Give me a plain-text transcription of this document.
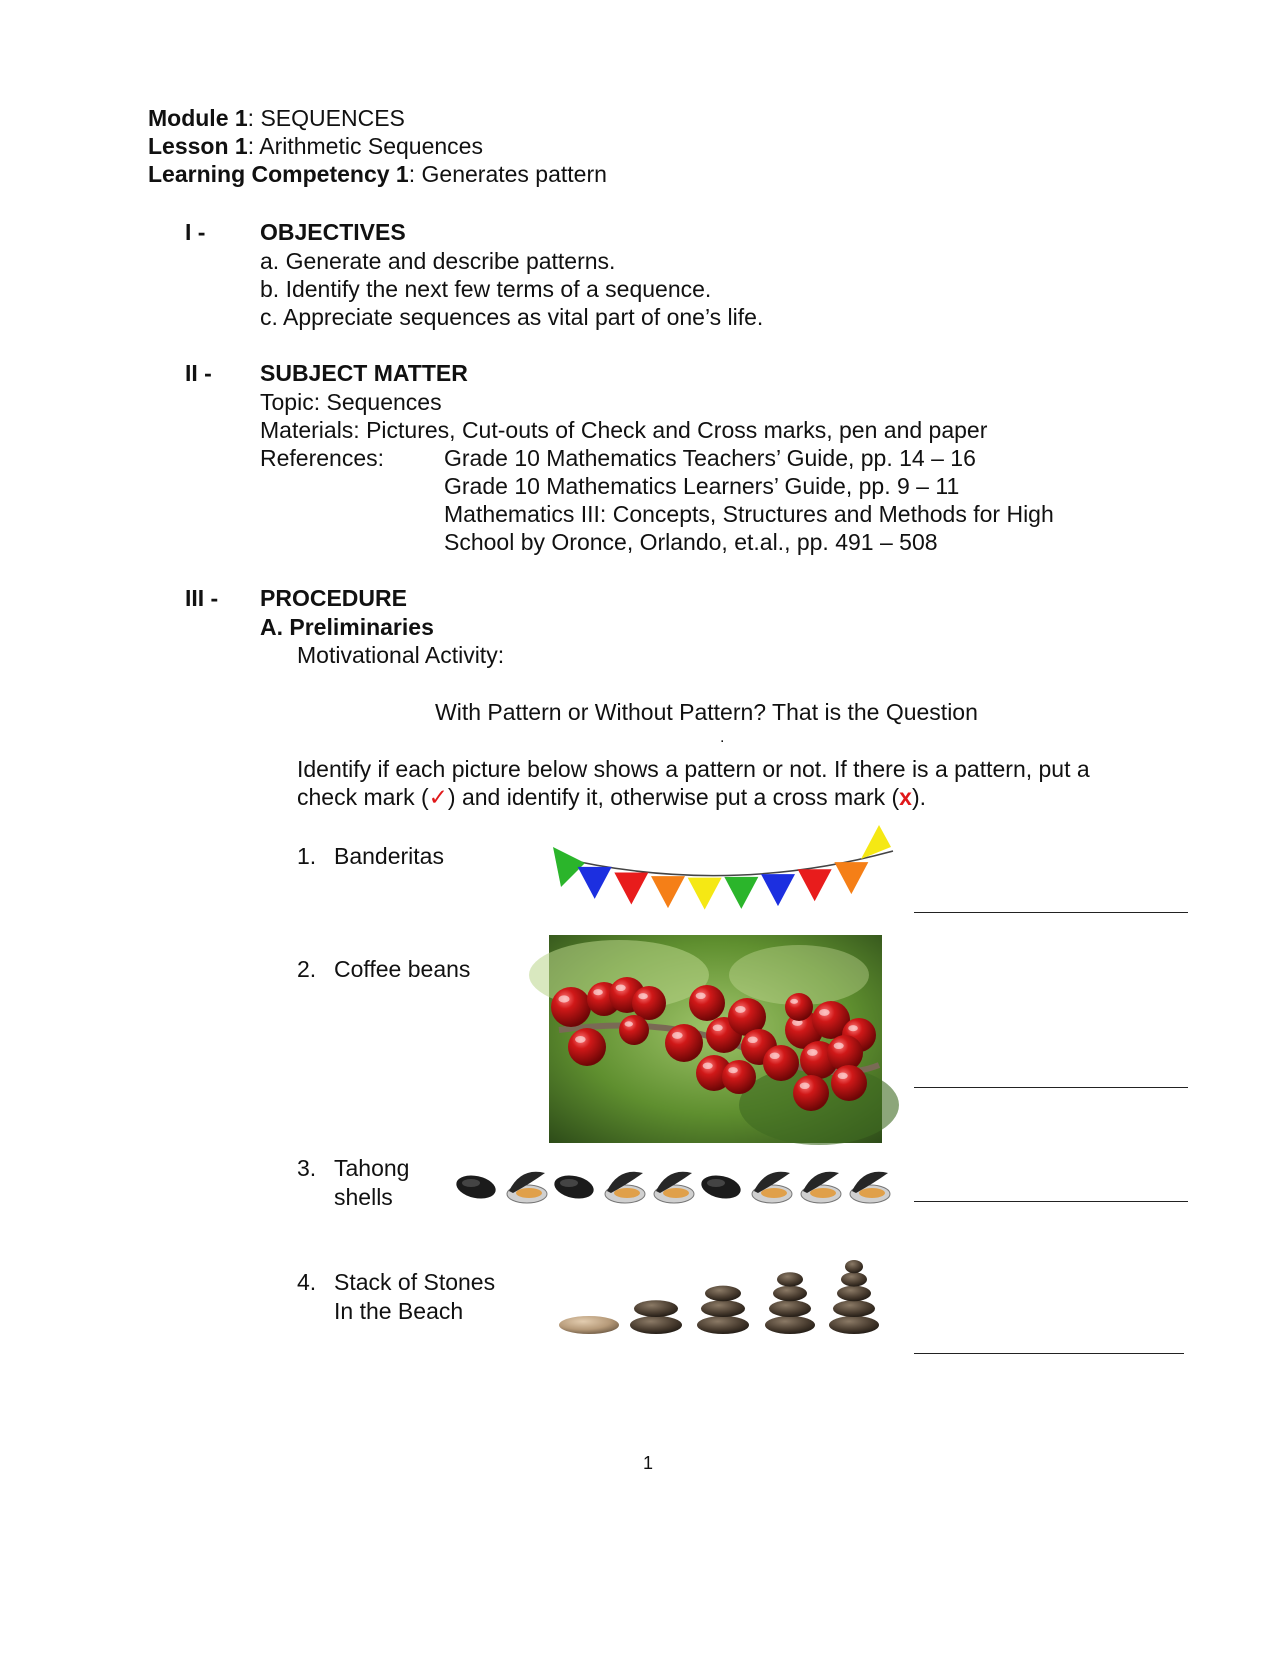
Module 1: SEQUENCES
Lesson 1: Arithmetic Sequences
Learning Competency 1: Generates pattern
I - OBJECTIVES
a. Generate and describe patterns.
b. Identify the next few terms of a sequence.
c. Appreciate sequences as vital part of one’s life.
II - SUBJECT MATTER
Topic: Sequences
Materials: Pictures, Cut-outs of Check and Cross marks, pen and paper
References:	Grade 10 Mathematics Teachers’ Guide, pp. 14 – 16
Grade 10 Mathematics Learners’ Guide, pp. 9 – 11
Mathematics III: Concepts, Structures and Methods for High
School by Oronce, Orlando, et.al., pp. 491 – 508
III - PROCEDURE
A. Preliminaries
Motivational Activity:
With Pattern or Without Pattern? That is the Question
.
Identify if each picture below shows a pattern or not. If there is a pattern, put a
check mark (✓) and identify it, otherwise put a cross mark (x).
1. Banderitas
2. Coffee beans
3. Tahong
shells
4. Stack of Stones
In the Beach
1
